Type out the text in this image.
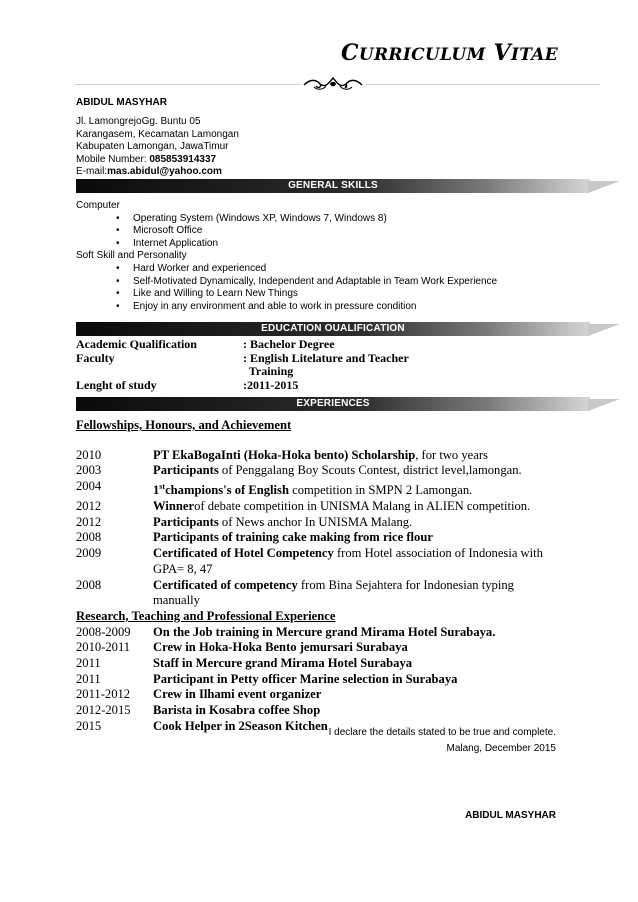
CURRICULUM VITAE
ABIDUL MASYHAR
Jl. LamongrejoGg. Buntu 05
Karangasem, Kecamatan Lamongan
Kabupaten Lamongan, JawaTimur
Mobile Number: 085853914337
E-mail:mas.abidul@yahoo.com
GENERAL SKILLS
Computer
• Operating System (Windows XP, Windows 7, Windows 8)
• Microsoft Office
• Internet Application
Soft Skill and Personality
• Hard Worker and experienced
• Self-Motivated Dynamically, Independent and Adaptable in Team Work Experience
• Like and Willing to Learn New Things
• Enjoy in any environment and able to work in pressure condition
EDUCATION OUALIFICATION
Academic Qualification	: Bachelor Degree
Faculty	: English Litelature and Teacher
Training
Lenght of study	:2011-2015
EXPERIENCES
Fellowships, Honours, and Achievement
2010	PT EkaBogaInti (Hoka-Hoka bento) Scholarship, for two years
2003	Participants of Penggalang Boy Scouts Contest, district level,lamongan.
2004	1stchampions's of English competition in SMPN 2 Lamongan.
2012	Winnerof debate competition in UNISMA Malang in ALIEN competition.
2012	Participants of News anchor In UNISMA Malang.
2008	Participants of training cake making from rice flour
2009	Certificated of Hotel Competency from Hotel association of Indonesia with GPA= 8, 47
2008	Certificated of competency from Bina Sejahtera for Indonesian typing manually
Research, Teaching and Professional Experience
2008-2009 On the Job training in Mercure grand Mirama Hotel Surabaya.
2010-2011 Crew in Hoka-Hoka Bento jemursari Surabaya
2011	Staff in Mercure grand Mirama Hotel Surabaya
2011	Participant in Petty officer Marine selection in Surabaya
2011-2012 Crew in Ilhami event organizer
2012-2015 Barista in Kosabra coffee Shop
2015	Cook Helper in 2Season Kitchen I declare the details stated to be true and complete.
Malang, December 2015
ABIDUL MASYHAR
